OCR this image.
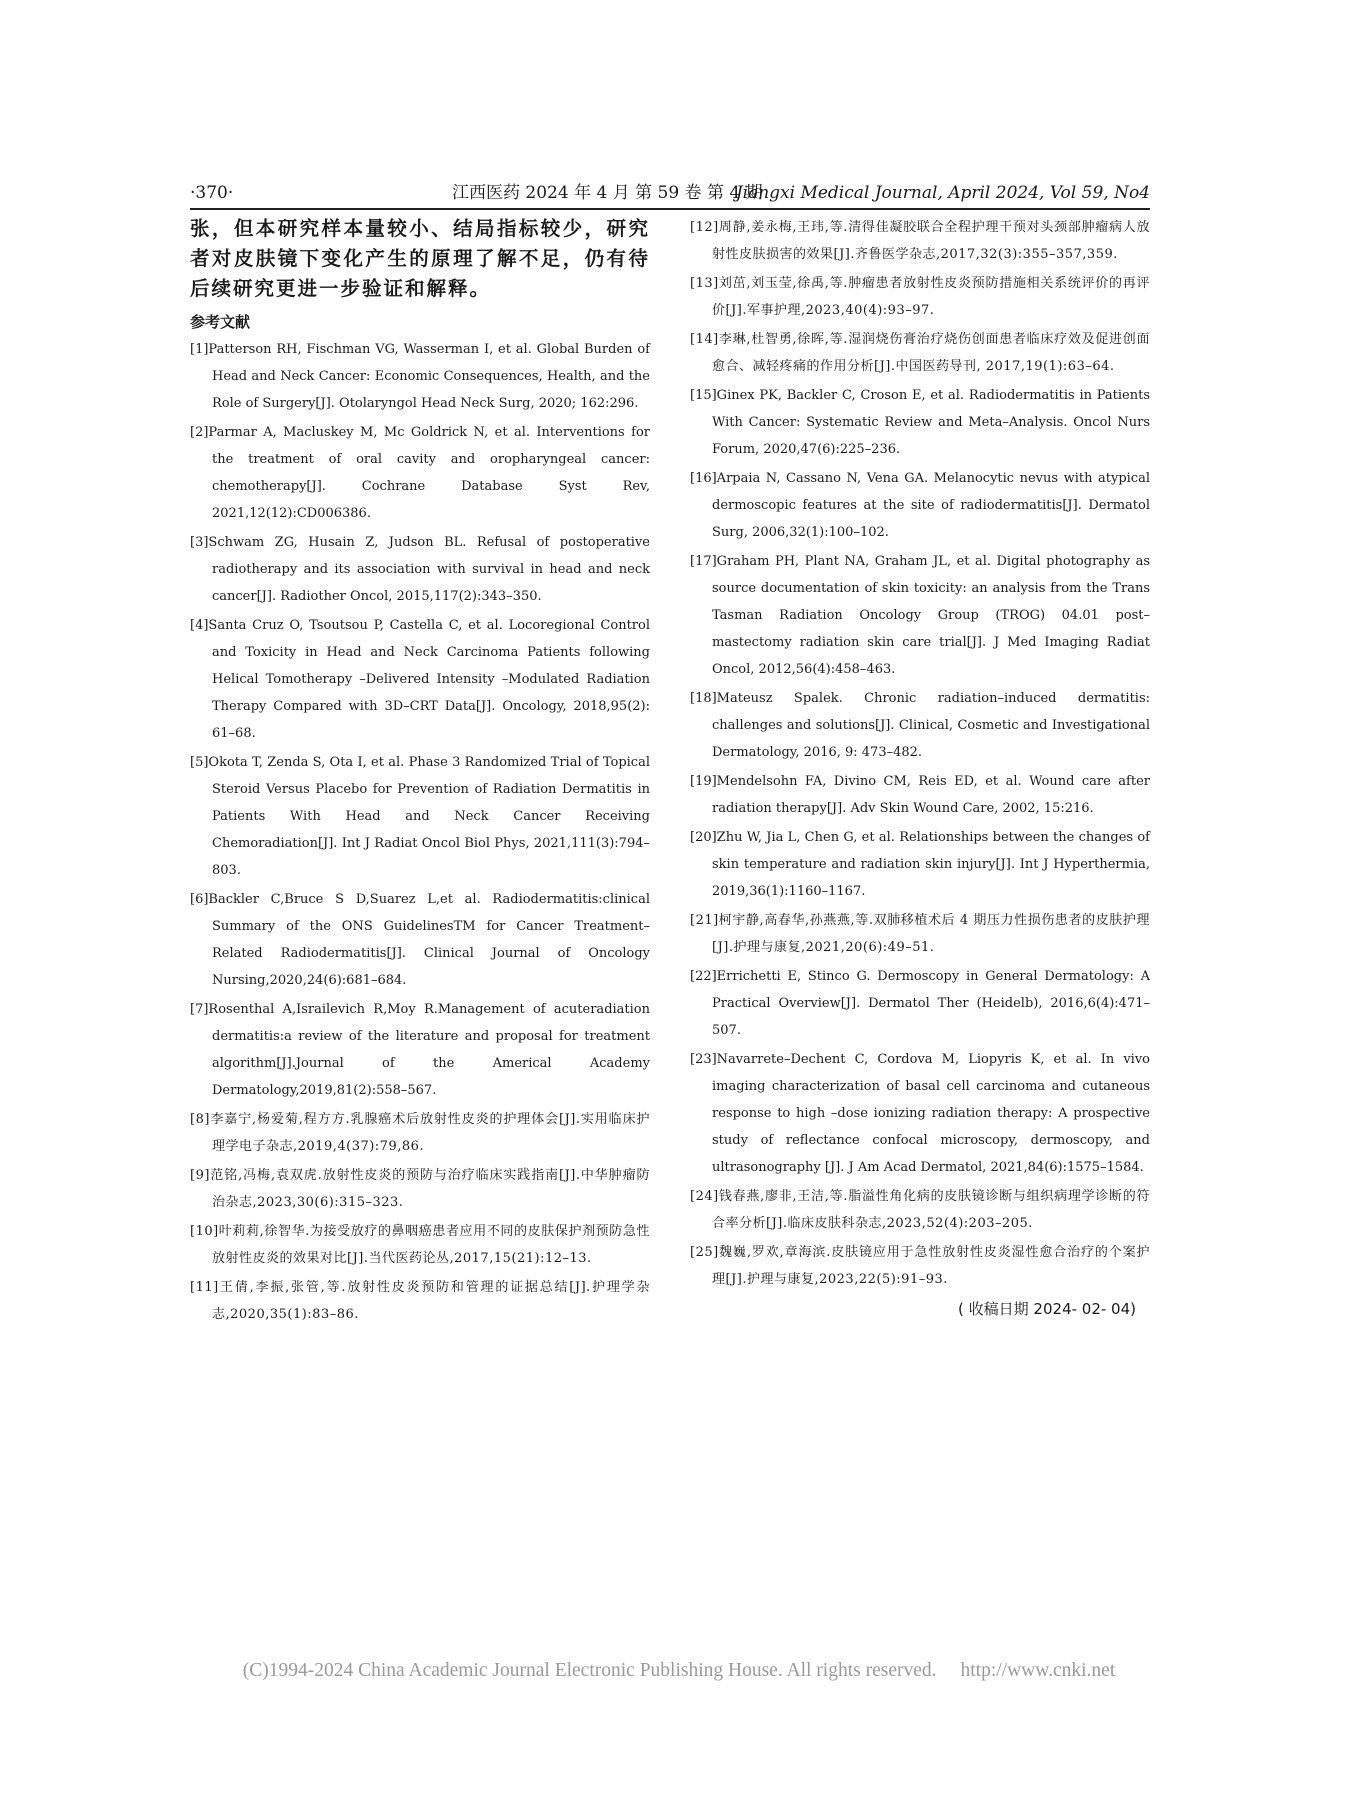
·370·	江西医药 2024 年 4 月 第 59 卷 第 4 期
Jiangxi Medical Journal, April 2024, Vol 59, No4

张，但本研究样本量较小、结局指标较少，研究者对皮肤镜下变化产生的原理了解不足，仍有待后续研究更进一步验证和解释。

参考文献
[1]Patterson RH, Fischman VG, Wasserman I, et al. Global Burden of Head and Neck Cancer: Economic Consequences, Health, and the Role of Surgery[J]. Otolaryngol Head Neck Surg, 2020; 162:296.
[2]Parmar A, Macluskey M, Mc Goldrick N, et al. Interventions for the treatment of oral cavity and oropharyngeal cancer: chemotherapy[J]. Cochrane Database Syst Rev, 2021,12(12):CD006386.
[3]Schwam ZG, Husain Z, Judson BL. Refusal of postoperative radiotherapy and its association with survival in head and neck cancer[J]. Radiother Oncol, 2015,117(2):343–350.
[4]Santa Cruz O, Tsoutsou P, Castella C, et al. Locoregional Control and Toxicity in Head and Neck Carcinoma Patients following Helical Tomotherapy –Delivered Intensity –Modulated Radiation Therapy Compared with 3D–CRT Data[J]. Oncology, 2018,95(2): 61–68.
[5]Okota T, Zenda S, Ota I, et al. Phase 3 Randomized Trial of Topical Steroid Versus Placebo for Prevention of Radiation Dermatitis in Patients With Head and Neck Cancer Receiving Chemoradiation[J]. Int J Radiat Oncol Biol Phys, 2021,111(3):794–803.
[6]Backler C,Bruce S D,Suarez L,et al. Radiodermatitis:clinical Summary of the ONS GuidelinesTM for Cancer Treatment–Related Radiodermatitis[J]. Clinical Journal of Oncology Nursing,2020,24(6):681–684.
[7]Rosenthal A,Israilevich R,Moy R.Management of acuteradiation dermatitis:a review of the literature and proposal for treatment algorithm[J].Journal of the Americal Academy Dermatology,2019,81(2):558–567.
[8]李嘉宁,杨爱菊,程方方.乳腺癌术后放射性皮炎的护理体会[J].实用临床护理学电子杂志,2019,4(37):79,86.
[9]范铭,冯梅,袁双虎.放射性皮炎的预防与治疗临床实践指南[J].中华肿瘤防治杂志,2023,30(6):315–323.
[10]叶莉莉,徐智华.为接受放疗的鼻咽癌患者应用不同的皮肤保护剂预防急性放射性皮炎的效果对比[J].当代医药论丛,2017,15(21):12–13.
[11]王倩,李振,张管,等.放射性皮炎预防和管理的证据总结[J].护理学杂志,2020,35(1):83–86.
[12]周静,姜永梅,王玮,等.清得佳凝胶联合全程护理干预对头颈部肿瘤病人放射性皮肤损害的效果[J].齐鲁医学杂志,2017,32(3):355–357,359.
[13]刘茁,刘玉莹,徐禹,等.肿瘤患者放射性皮炎预防措施相关系统评价的再评价[J].军事护理,2023,40(4):93–97.
[14]李琳,杜智勇,徐晖,等.湿润烧伤膏治疗烧伤创面患者临床疗效及促进创面愈合、减轻疼痛的作用分析[J].中国医药导刊, 2017,19(1):63–64.
[15]Ginex PK, Backler C, Croson E, et al. Radiodermatitis in Patients With Cancer: Systematic Review and Meta–Analysis. Oncol Nurs Forum, 2020,47(6):225–236.
[16]Arpaia N, Cassano N, Vena GA. Melanocytic nevus with atypical dermoscopic features at the site of radiodermatitis[J]. Dermatol Surg, 2006,32(1):100–102.
[17]Graham PH, Plant NA, Graham JL, et al. Digital photography as source documentation of skin toxicity: an analysis from the Trans Tasman Radiation Oncology Group (TROG) 04.01 post–mastectomy radiation skin care trial[J]. J Med Imaging Radiat Oncol, 2012,56(4):458–463.
[18]Mateusz Spalek. Chronic radiation–induced dermatitis: challenges and solutions[J]. Clinical, Cosmetic and Investigational Dermatology, 2016, 9: 473–482.
[19]Mendelsohn FA, Divino CM, Reis ED, et al. Wound care after radiation therapy[J]. Adv Skin Wound Care, 2002, 15:216.
[20]Zhu W, Jia L, Chen G, et al. Relationships between the changes of skin temperature and radiation skin injury[J]. Int J Hyperthermia, 2019,36(1):1160–1167.
[21]柯宇静,高春华,孙燕燕,等.双肺移植术后 4 期压力性损伤患者的皮肤护理[J].护理与康复,2021,20(6):49–51.
[22]Errichetti E, Stinco G. Dermoscopy in General Dermatology: A Practical Overview[J]. Dermatol Ther (Heidelb), 2016,6(4):471–507.
[23]Navarrete–Dechent C, Cordova M, Liopyris K, et al. In vivo imaging characterization of basal cell carcinoma and cutaneous response to high –dose ionizing radiation therapy: A prospective study of reflectance confocal microscopy, dermoscopy, and ultrasonography [J]. J Am Acad Dermatol, 2021,84(6):1575–1584.
[24]钱春燕,廖非,王洁,等.脂溢性角化病的皮肤镜诊断与组织病理学诊断的符合率分析[J].临床皮肤科杂志,2023,52(4):203–205.
[25]魏巍,罗欢,章海滨.皮肤镜应用于急性放射性皮炎湿性愈合治疗的个案护理[J].护理与康复,2023,22(5):91–93.
( 收稿日期 2024- 02- 04)
(C)1994-2024 China Academic Journal Electronic Publishing House. All rights reserved. http://www.cnki.net
